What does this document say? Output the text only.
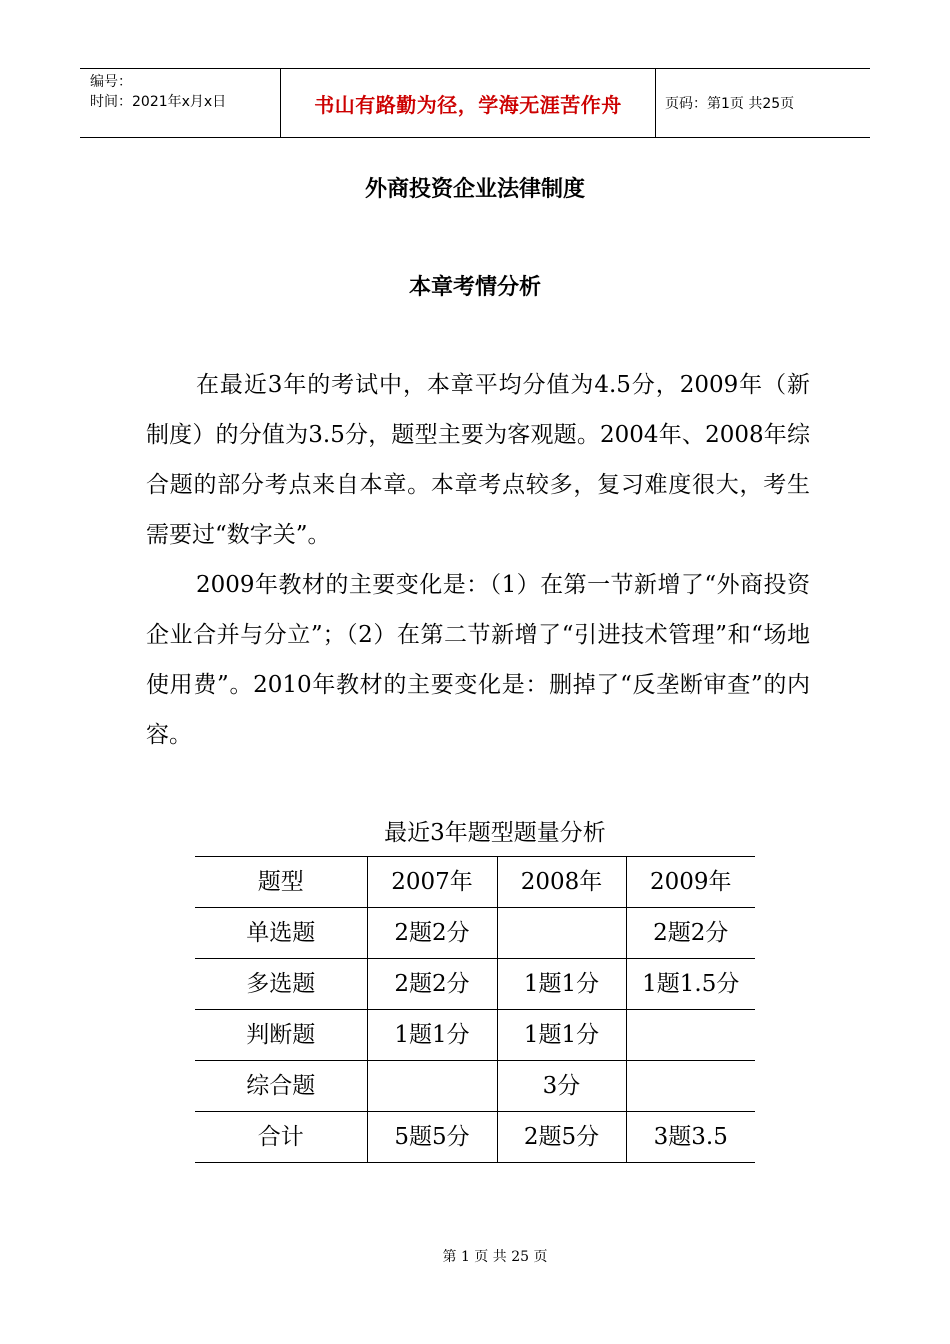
编号：
时间：2021年x月x日	书山有路勤为径，学海无涯苦作舟	页码：第1页 共25页
外商投资企业法律制度
本章考情分析
在最近3年的考试中，本章平均分值为4.5分，2009年（新制度）的分值为3.5分，题型主要为客观题。2004年、2008年综合题的部分考点来自本章。本章考点较多，复习难度很大，考生需要过“数字关”。
2009年教材的主要变化是：（1）在第一节新增了“外商投资企业合并与分立”；（2）在第二节新增了“引进技术管理”和“场地使用费”。2010年教材的主要变化是：删掉了“反垄断审查”的内容。
最近3年题型题量分析
题型	2007年	2008年	2009年
单选题	2题2分		2题2分
多选题	2题2分	1题1分	1题1.5分
判断题	1题1分	1题1分	
综合题		3分	
合计	5题5分	2题5分	3题3.5
第 1 页 共 25 页
